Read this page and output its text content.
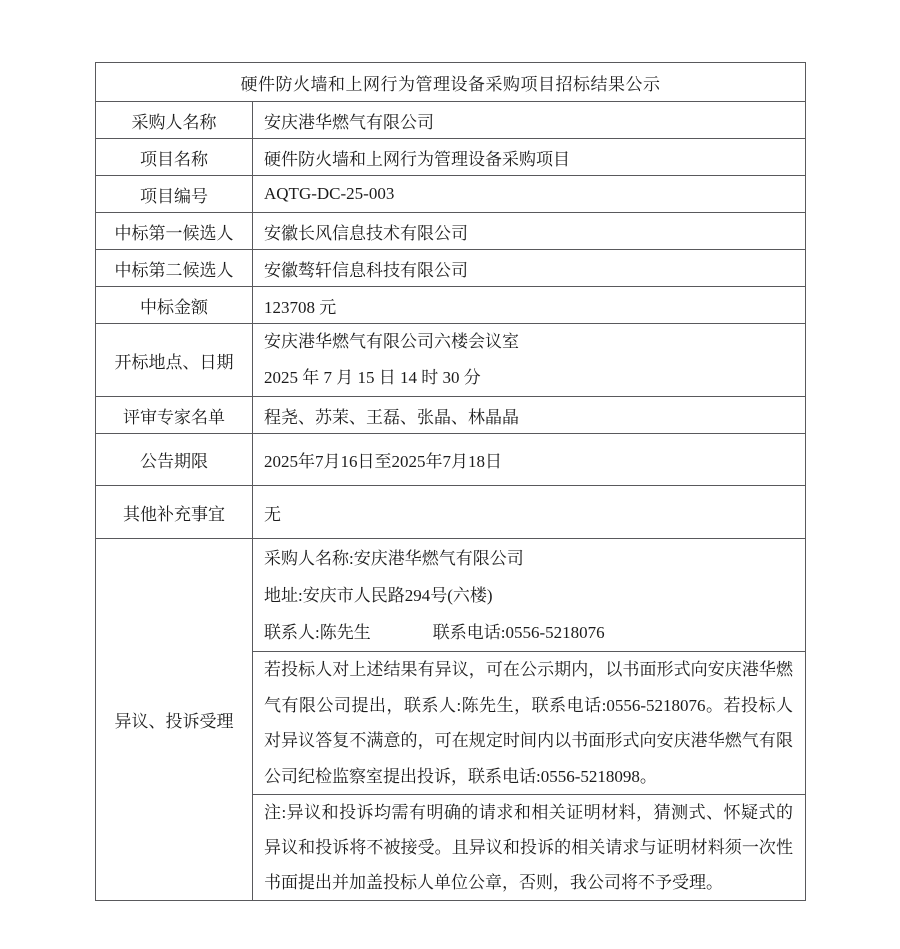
硬件防火墙和上网行为管理设备采购项目招标结果公示	
采购人名称	安庆港华燃气有限公司
项目名称	硬件防火墙和上网行为管理设备采购项目
项目编号	AQTG-DC-25-003
中标第一候选人	安徽长风信息技术有限公司
中标第二候选人	安徽骜轩信息科技有限公司
中标金额	123708 元
开标地点、日期	安庆港华燃气有限公司六楼会议室
2025 年 7 月 15 日 14 时 30 分

评审专家名单	程尧、苏茉、王磊、张晶、林晶晶
公告期限	2025年7月16日至2025年7月18日
其他补充事宜	无
异议、投诉受理	采购人名称:安庆港华燃气有限公司
地址:安庆市人民路294号(六楼)
联系人:陈先生 联系电话:0556-5218076

	若投标人对上述结果有异议，可在公示期内，以书面形式向安庆港华燃气有限公司提出，联系人:陈先生，联系电话:0556-5218076。若投标人对异议答复不满意的，可在规定时间内以书面形式向安庆港华燃气有限公司纪检监察室提出投诉，联系电话:0556-5218098。

	注:异议和投诉均需有明确的请求和相关证明材料，猜测式、怀疑式的异议和投诉将不被接受。且异议和投诉的相关请求与证明材料须一次性书面提出并加盖投标人单位公章，否则，我公司将不予受理。
